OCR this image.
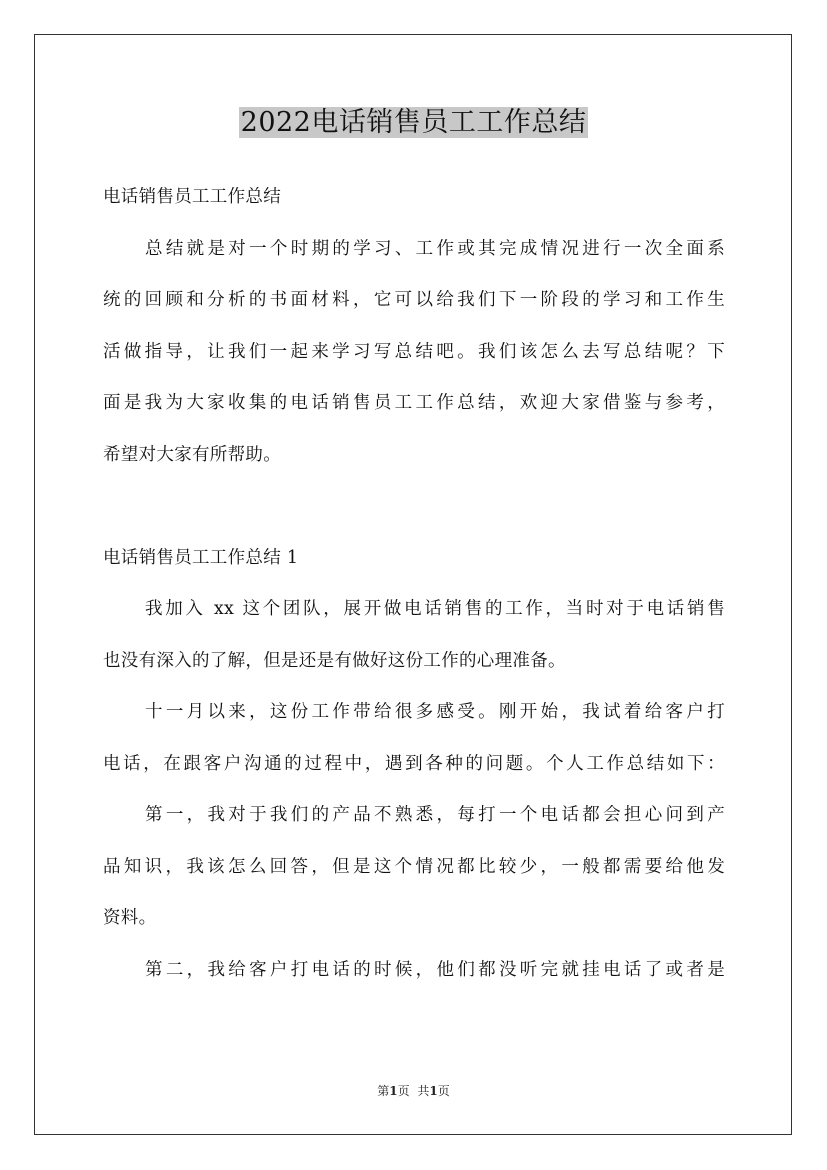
2022电话销售员工工作总结
电话销售员工工作总结
总结就是对一个时期的学习、工作或其完成情况进行一次全面系
统的回顾和分析的书面材料，它可以给我们下一阶段的学习和工作生
活做指导，让我们一起来学习写总结吧。我们该怎么去写总结呢？下
面是我为大家收集的电话销售员工工作总结，欢迎大家借鉴与参考，
希望对大家有所帮助。
电话销售员工工作总结 1
我加入 xx 这个团队，展开做电话销售的工作，当时对于电话销售
也没有深入的了解，但是还是有做好这份工作的心理准备。
十一月以来，这份工作带给很多感受。刚开始，我试着给客户打
电话，在跟客户沟通的过程中，遇到各种的问题。个人工作总结如下：
第一，我对于我们的产品不熟悉，每打一个电话都会担心问到产
品知识，我该怎么回答，但是这个情况都比较少，一般都需要给他发
资料。
第二，我给客户打电话的时候，他们都没听完就挂电话了或者是
第1页 共1页
